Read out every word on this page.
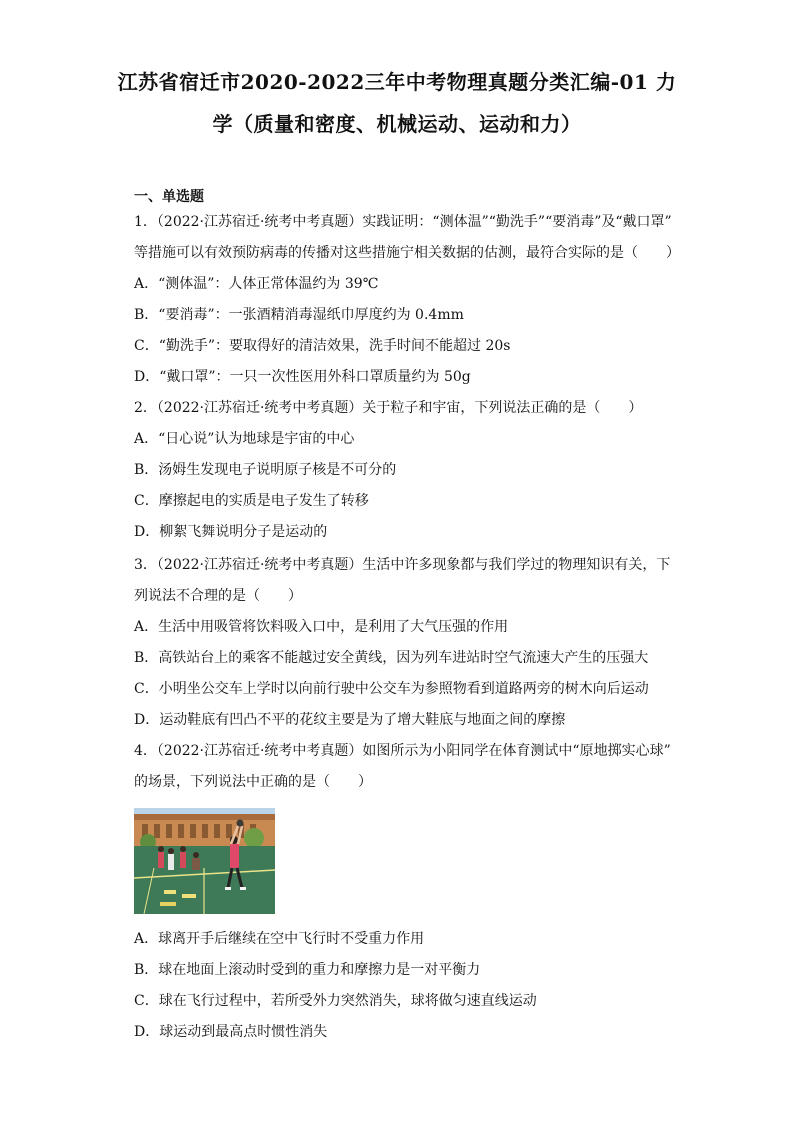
江苏省宿迁市2020-2022三年中考物理真题分类汇编-01 力
学（质量和密度、机械运动、运动和力）
一、单选题
1．（2022·江苏宿迁·统考中考真题）实践证明：“测体温”“勤洗手”“要消毒”及“戴口罩”
等措施可以有效预防病毒的传播对这些措施宁相关数据的估测，最符合实际的是（　　）
A．“测体温”：人体正常体温约为 39℃
B．“要消毒”：一张酒精消毒湿纸巾厚度约为 0.4mm
C．“勤洗手”：要取得好的清洁效果，洗手时间不能超过 20s
D．“戴口罩”：一只一次性医用外科口罩质量约为 50g
2．（2022·江苏宿迁·统考中考真题）关于粒子和宇宙，下列说法正确的是（　　）
A．“日心说”认为地球是宇宙的中心
B．汤姆生发现电子说明原子核是不可分的
C．摩擦起电的实质是电子发生了转移
D．柳絮飞舞说明分子是运动的
3．（2022·江苏宿迁·统考中考真题）生活中许多现象都与我们学过的物理知识有关，下
列说法不合理的是（　　）
A．生活中用吸管将饮料吸入口中，是利用了大气压强的作用
B．高铁站台上的乘客不能越过安全黄线，因为列车进站时空气流速大产生的压强大
C．小明坐公交车上学时以向前行驶中公交车为参照物看到道路两旁的树木向后运动
D．运动鞋底有凹凸不平的花纹主要是为了增大鞋底与地面之间的摩擦
4．（2022·江苏宿迁·统考中考真题）如图所示为小阳同学在体育测试中“原地掷实心球”
的场景，下列说法中正确的是（　　）
A．球离开手后继续在空中飞行时不受重力作用
B．球在地面上滚动时受到的重力和摩擦力是一对平衡力
C．球在飞行过程中，若所受外力突然消失，球将做匀速直线运动
D．球运动到最高点时惯性消失
